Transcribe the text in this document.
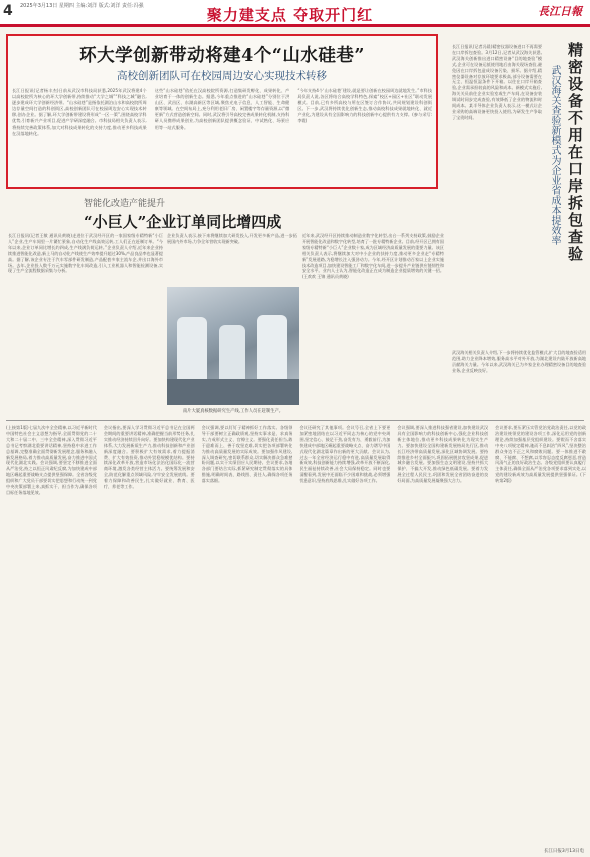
4 2025年3月13日 星期四 主编:刘洋 版式:刘洋 责任:冯强	聚力建支点 夺取开门红	長江日報
环大学创新带动将建4个“山水硅巷”
高校创新团队可在校园周边安心实现技术转移
长江日报讯(记者杨丰杰)日前从武汉市科技局获悉,2025年武汉将建4个以高校院所为核心的环大学创新带,持续推动“大学之城”“科技之城”融合,逐步建成环大学创新经济带。“山水硅巷”是指依托湖泊山水和高校院所周边存量空间打造的科创街区,高校创新团队可在校园周边安心实现技术转移,创办企业。据了解,环大学创新带建设将形成“一区一策”,围绕高校学科优势,引育新兴产业项目,促进产学研深度融合。市科技局相关负责人表示,将持续完善政策体系,加大对科技成果转化的支持力度,推动更多科技成果在汉落地转化。
这些“山水硅巷”依托在汉高校院所资源,打造集研发孵化、成果转化、产业培育于一体的创新生态。据悉,今年重点推进的“山水硅巷”分别位于洪山区、武昌区、东湖高新区等区域,聚焦光电子信息、人工智能、生命健康等领域。在空间布局上,充分利用老旧厂房、闲置楼宇等存量资源,以“微更新”方式营造创新空间。同时,武汉将引导高校完善成果转化机制,支持科研人员携带成果创业,为高校创新团队提供概念验证、中试熟化、场景应用等一站式服务。
“今年支持4个‘山水硅巷’建设,就是要让创新在校园周边就地发生。”市科技局负责人说,各区将结合高校学科特色,探索“校区+园区+社区”联动发展模式。目前,已有多所高校与所在区签订合作协议,共同规划建设科创街区。下一步,武汉将持续优化创新生态,推动高校科技成果就地转化、就近产业化,为建设具有全国影响力的科技创新中心提供有力支撑。(参与采写:李霞)
长江日报讯(记者冯晨)精密仪器设备进口不再需要在口岸拆包查验。3月12日,记者从武汉海关获悉,武汉海关创新推出进口精密设备“目的地查验”模式,企业可在设备运抵使用地后由海关现场查验,避免因在口岸拆包造成设备污染、损坏。据介绍,精密仪器设备对存放环境要求极高,部分设备需要在无尘、恒温恒湿条件下开箱。以往在口岸开箱查验,企业需承担较高的风险和成本。新模式实施后,海关关员前往企业实验室或生产车间,在设备安装调试时同步完成查验,有效降低了企业的物流和时间成本。某半导体企业负责人表示,这一模式让企业采购的高端设备更快投入使用,为研发生产争取了宝贵时间。	精密设备不用在口岸拆包查验
武汉海关查验新模式为企业省成本提效率
武汉海关相关负责人介绍,下一步将持续优化监管模式,扩大目的地查验适用范围,助力企业降本增效,服务高水平对外开放,为湖北建设内陆开放新高地贡献海关力量。今年以来,武汉海关已为多家企业办理精密设备目的地查验业务,企业反映良好。
智能化改造产能提升
“小巨人”企业订单同比增四成
长江日报讯(记者王敏 通讯员黄晓)走进位于武汉经开区的一家国家级专精特新“小巨人”企业,生产车间里一片繁忙景象,自动化生产线高效运转,工人们正在赶制订单。“今年以来,企业订单同比增长约四成,生产线满负荷运转。”企业负责人介绍,近年来企业持续推进智能化改造,新上马的自动化产线使生产效率提升超过30%,产品良品率也显著提高。据了解,该企业专注于汽车零部件研发制造,产品配套多家主流车企,并出口海外市场。去年,企业投入数千万元实施数字化车间改造,引入工业机器人和智能检测设备,实现了生产全流程数据采集与分析。
企业负责人表示,接下来将继续加大研发投入,开发更多新产品,进一步拓展国内外市场,力争全年营收实现新突破。
近年来,武汉经开区持续推动制造业数字化转型,出台一系列支持政策,鼓励企业开展智能化改造和数字化转型,培育了一批专精特新企业。目前,经开区已拥有国家级专精特新“小巨人”企业数十家,成为区域经济高质量发展的重要力量。该区相关负责人表示,将继续加大对中小企业的扶持力度,推动更多企业走“专精特新”发展道路,为稳增长注入强劲动力。今年,经开区计划推动百家以上企业实施技术改造项目,加快建设智能工厂和数字化车间,进一步提升产业链供应链韧性和安全水平。业内人士认为,智能化改造正在成为制造企业提质增效的关键一招。(王欢欢 王锦 通讯员黄晓)
南片大厦真核数据研究生产线,工作人员在赶制生产。
(上接第1版)七届九次中全会精神,以习近平新时代中国特色社会主义思想为指导,全面贯彻党的二十大和二十届二中、三中全会精神,深入贯彻习近平总书记考察湖北重要讲话精神,坚持稳中求进工作总基调,完整准确全面贯彻新发展理念,服务和融入新发展格局,着力推动高质量发展,奋力推进中国式现代化湖北实践。会议强调,要坚定不移推进全面从严治党,持之以恒正风肃纪反腐,为加快建成中部地区崛起重要战略支点提供坚强保障。全省各级党组织和广大党员干部要切实把思想和行动统一到党中央决策部署上来,真抓实干、担当作为,确保各项目标任务落地见效。
会议指出,要深入学习贯彻习近平总书记在全国两会期间的重要讲话精神,准确把握当前形势任务,扎实推动经济持续回升向好。要加快构建现代化产业体系,大力发展新质生产力,推动科技创新和产业创新深度融合。要积极扩大有效需求,着力提振消费、扩大有效投资,推动外贸稳规模优结构。要持续深化改革开放,营造市场化法治化国际化一流营商环境,激发各类经营主体活力。要统筹发展和安全,防范化解重点领域风险,守牢安全发展底线。要着力保障和改善民生,扎实做好就业、教育、医疗、养老等工作。
会议强调,要以钉钉子精神抓好工作落实。各级领导干部要树立正确政绩观,坚持实事求是、求真务实,力戒形式主义、官僚主义。要强化责任担当,敢于迎难而上、善于攻坚克难,切实把各项部署转化为推动高质量发展的实际成效。要加强作风建设,深入调查研究,密切联系群众,切实解决群众急难愁盼问题,以实干实绩回应人民期待。会议要求,各地各部门要结合实际,抓紧研究制定贯彻落实的具体措施,明确时间表、路线图、责任人,确保各项任务落实落细。
会议还研究了其他事项。会议号召,全省上下要更加紧密地团结在以习近平同志为核心的党中央周围,坚定信心、鼓足干劲,奋发有为、勇毅前行,为加快建成中部地区崛起重要战略支点、奋力谱写中国式现代化湖北篇章作出新的更大贡献。会议认为,过去一年全省经济运行稳中有进,高质量发展取得新成效,科技创新能力持续增强,改革开放不断深化,民生福祉持续改善,社会大局保持稳定。同时也要清醒看到,发展中还面临不少困难和挑战,必须增强忧患意识,坚持底线思维,扎实做好各项工作。
会议强调,要深入推进科技强省建设,加快建设武汉具有全国影响力的科技创新中心,强化企业科技创新主体地位,推动更多科技成果转化为现实生产力。要加快建设全国构建新发展格局先行区,推动长江经济带高质量发展,深化区域协调发展。要持续推进乡村全面振兴,巩固拓展脱贫攻坚成果,促进城乡融合发展。要加强生态文明建设,坚持共抓大保护、不搞大开发,推动绿色低碳发展。要着力发展全过程人民民主,巩固和发展全省团结奋进的良好局面,为高质量发展凝聚强大合力。
会议要求,要压紧压实管党治党政治责任,以党的政治建设统领党的建设各项工作,深化运用党的创新理论,持续加强基层党组织建设。要锲而不舍落实中央八项规定精神,驰而不息纠治“四风”,坚决整治群众身边不正之风和腐败问题。要一体推进不敢腐、不能腐、不想腐,以零容忍态度反腐惩恶,营造风清气正的良好政治生态。各级党组织要认真履行主体责任,确保全面从严治党各项要求落到实处,以党的建设新成效为高质量发展提供坚强保证。(下转第2版)
长江日报3月13日电
